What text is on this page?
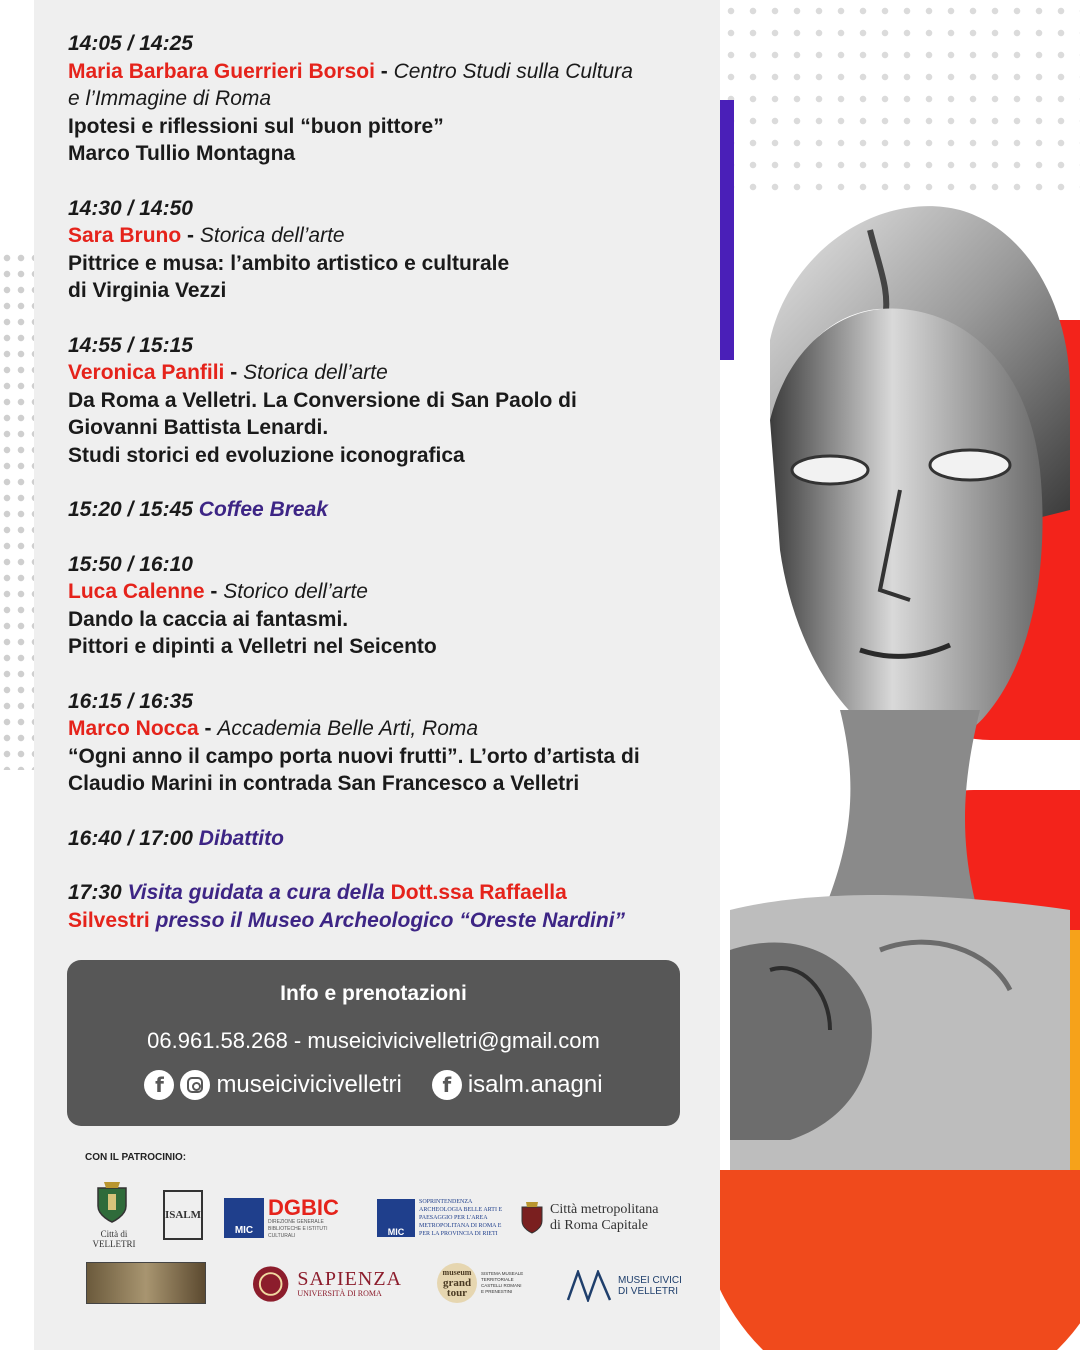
14:05 / 14:25
Maria Barbara Guerrieri Borsoi - Centro Studi sulla Cultura
e l’Immagine di Roma
Ipotesi e riflessioni sul “buon pittore”
Marco Tullio Montagna
14:30 / 14:50
Sara Bruno - Storica dell’arte
Pittrice e musa: l’ambito artistico e culturale
di Virginia Vezzi
14:55 / 15:15
Veronica Panfili - Storica dell’arte
Da Roma a Velletri. La Conversione di San Paolo di
Giovanni Battista Lenardi.
Studi storici ed evoluzione iconografica
15:20 / 15:45 Coffee Break
15:50 / 16:10
Luca Calenne - Storico dell’arte
Dando la caccia ai fantasmi.
Pittori e dipinti a Velletri nel Seicento
16:15 / 16:35
Marco Nocca - Accademia Belle Arti, Roma
“Ogni anno il campo porta nuovi frutti”. L’orto d’artista di
Claudio Marini in contrada San Francesco a Velletri
16:40 / 17:00 Dibattito
17:30 Visita guidata a cura della Dott.ssa Raffaella
Silvestri presso il Museo Archeologico “Oreste Nardini”
Info e prenotazioni
06.961.58.268 - museicivicivelletri@gmail.com
f	museicivicivelletri	f isalm.anagni
CON IL PATROCINIO:
Città di VELLETRI
ISALM
MIC
DGBIC
DIREZIONE GENERALE BIBLIOTECHE E ISTITUTI CULTURALI	MIC
SOPRINTENDENZA ARCHEOLOGIA BELLE ARTI E PAESAGGIO PER L'AREA METROPOLITANA DI ROMA E PER LA PROVINCIA DI RIETI
Città metropolitana
di Roma Capitale
SAPIENZA
UNIVERSITÀ DI ROMA
museum
grand
tour
SISTEMA MUSEALE TERRITORIALE CASTELLI ROMANI E PRENESTINI
MUSEI CIVICI
DI VELLETRI
